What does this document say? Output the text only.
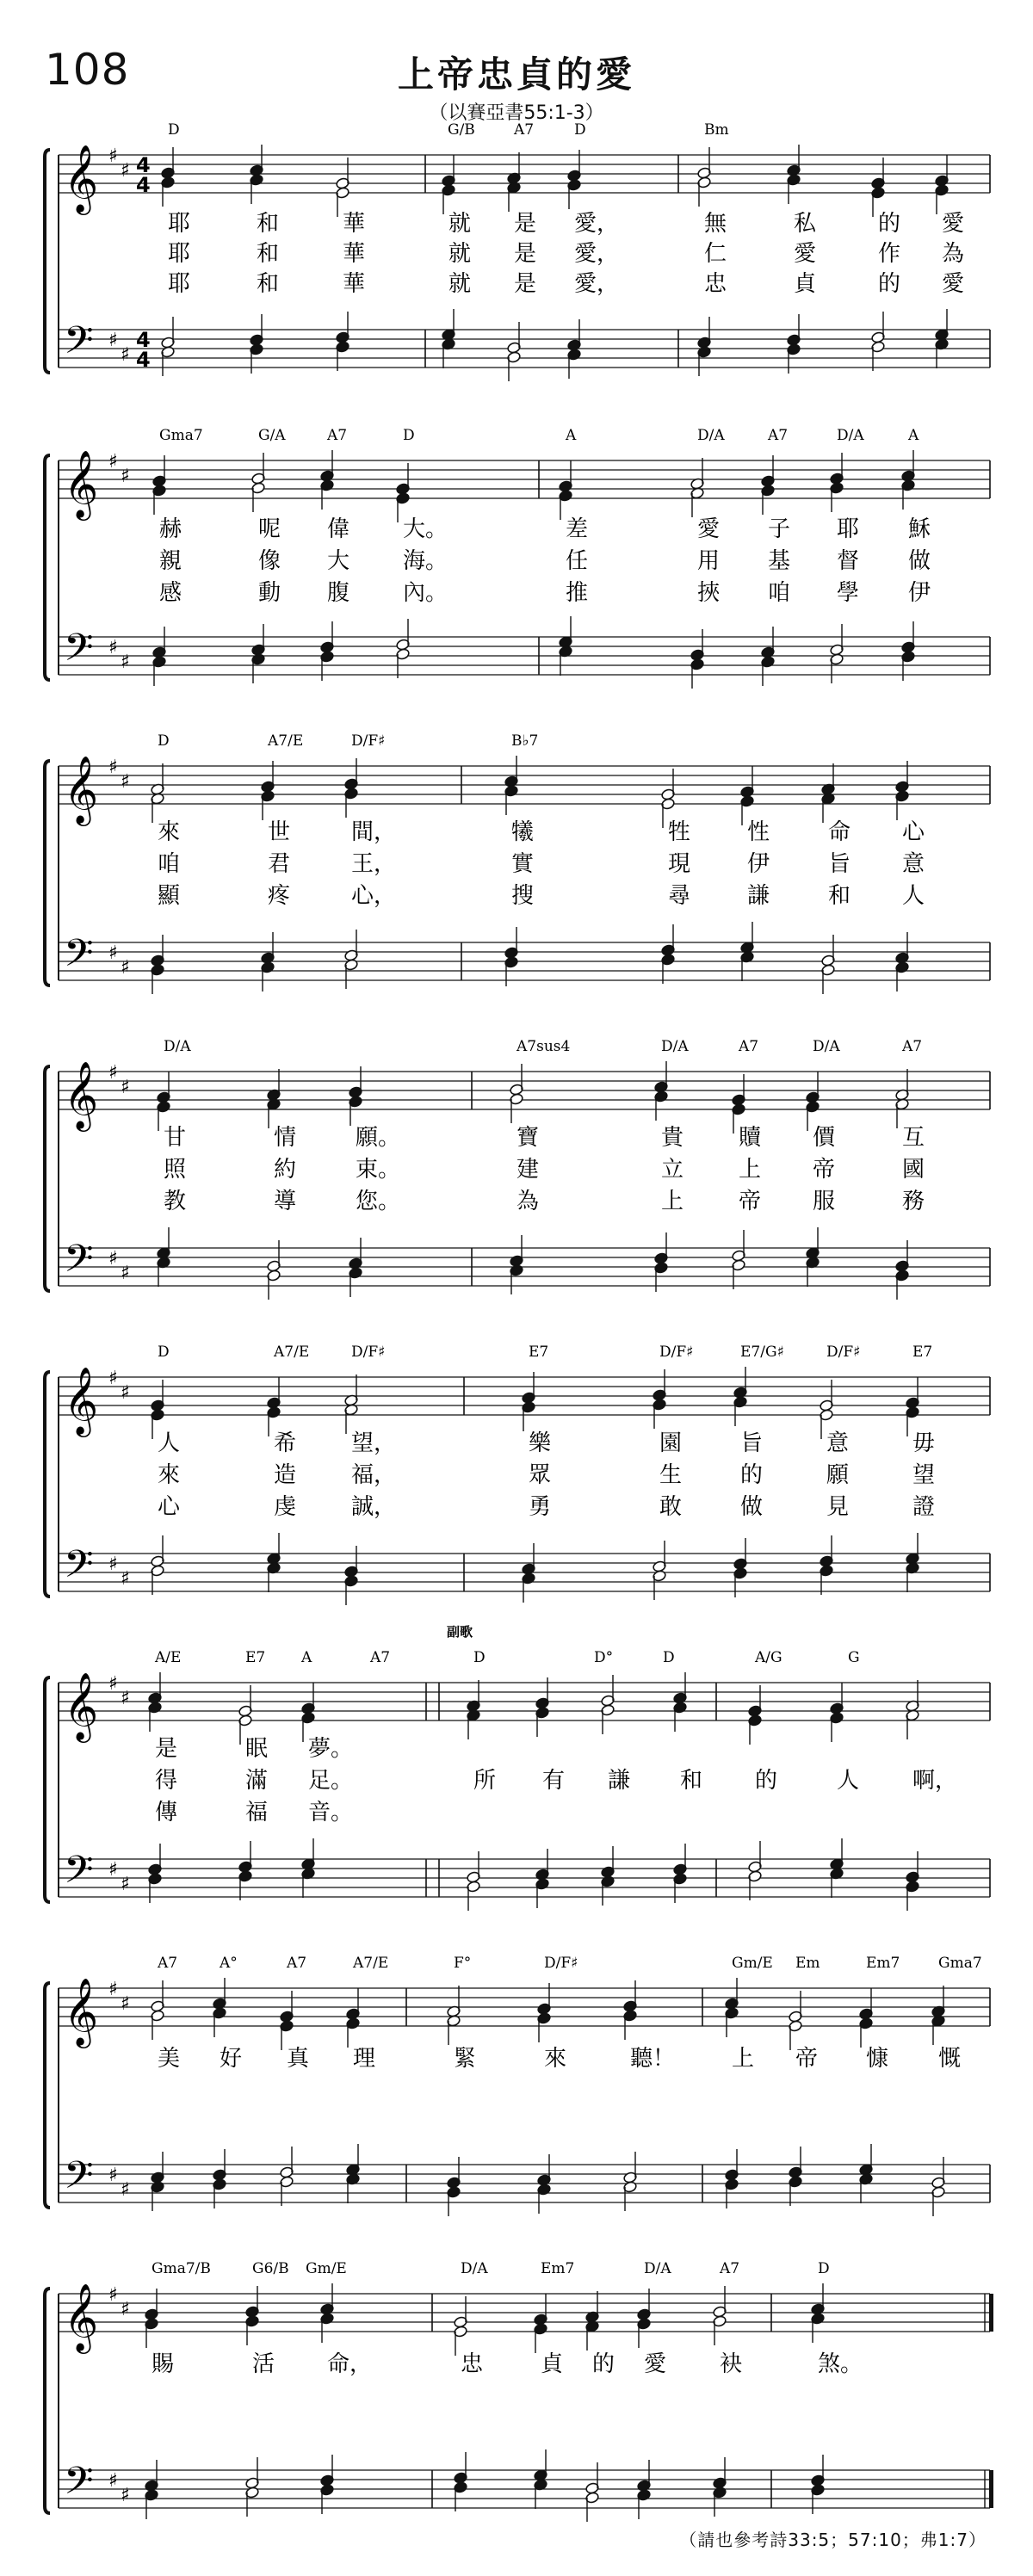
108	上帝忠貞的愛
（以賽亞書55:1-3）
（請也參考詩33:5；57:10；弗1:7）
D	G/B	A7	D	Bm
𝄞 ♯
♯ 4
4
𝄢 ♯
♯
4
4
耶	和	華	就 是 愛，	無	私	的 愛
耶	和	華	就 是 愛，	仁	愛	作 為
耶	和	華	就 是 愛，	忠	貞	的 愛
Gma7	G/A	A7	D	A	D/A	A7	D/A	A
𝄞 ♯
♯
𝄢 ♯
♯
赫	呢 偉 大。	差	愛 子 耶 穌
親	像 大 海。	任	用 基 督 做
感	動 腹 內。	推	挾 咱 學 伊
D	A7/E	D/F♯	B♭7
𝄞 ♯
♯
𝄢 ♯
♯
來	世	間，	犧	牲	性	命 心
咱	君	王，	實	現	伊	旨 意
顯	疼	心，	搜	尋	謙	和 人
D/A	A7sus4	D/A	A7	D/A	A7
𝄞 ♯
♯
𝄢 ♯
♯
甘	情	願。	寶	貴 贖 價	互
照	約	束。	建	立 上 帝	國
教	導	您。	為	上 帝 服	務
D	A7/E	D/F♯	E7	D/F♯	E7/G♯	D/F♯	E7
𝄞 ♯
♯
𝄢 ♯
♯
人	希 望，	樂	園	旨	意	毋
來	造 福，	眾	生	的	願	望
心	虔 誠，	勇	敢	做	見	證
A/E	E7 A	A7	D	D°	D	A/G	G
副歌
𝄞 ♯
♯
𝄢 ♯
♯
是	眠 夢。
得	滿 足。	所 有 謙 和 的	人 啊，
傳	福 音。
A7	A°	A7	A7/E	F°	D/F♯	Gm/E Em	Em7	Gma7
𝄞 ♯
♯
𝄢 ♯
♯
美 好 真 理	緊	來	聽！	上 帝 慷 慨
Gma7/B	G6/B Gm/E	D/A	Em7	D/A	A7	D
𝄞 ♯
♯
𝄢 ♯
♯
賜	活 命，	忠	貞 的 愛 袂	煞。
